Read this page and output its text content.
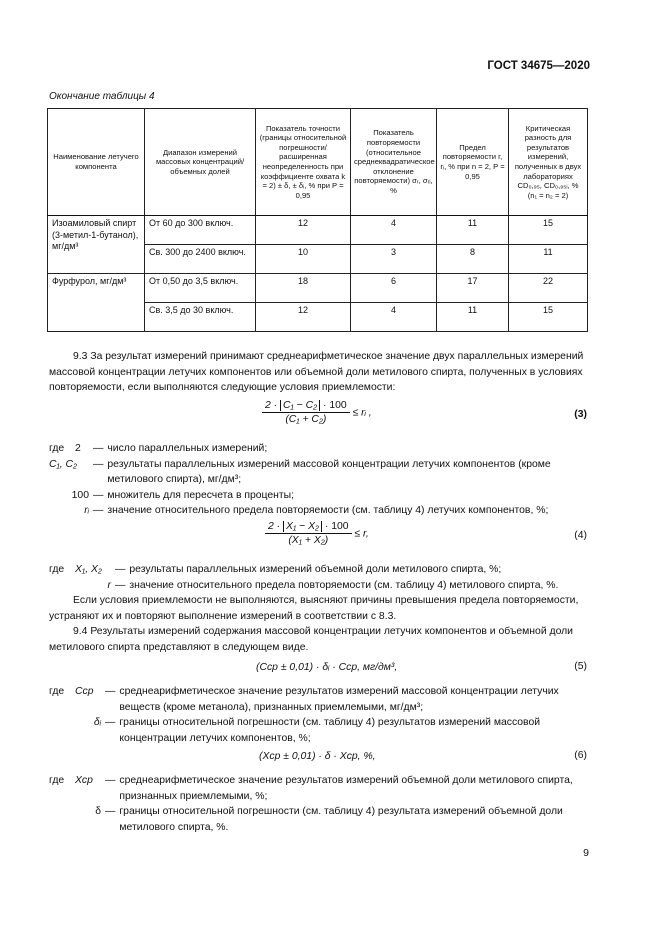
ГОСТ 34675—2020
Окончание таблицы 4
Наименование летучего компонента	Диапазон измерений массовых концентраций/ объемных долей	Показатель точности (границы относительной погрешности/расширенная неопределенность при коэффициенте охвата k = 2) ± δ, ± δᵢ, % при P = 0,95	Показатель повторяемости (относительное среднеквадратическое отклонение повторяемости) σᵣ, σᵣᵢ, %	Предел повторяемости r, rᵢ, % при n = 2, P = 0,95	Критическая разность для результатов измерений, полученных в двух лабораториях CD₀,₉₅, CD₀,₉₅ᵢ, % (n₁ = n₂ = 2)
Изоамиловый спирт (3-метил-1-бутанол), мг/дм³	От 60 до 300 включ.	12	4	11	15
	Св. 300 до 2400 включ.	10	3	8	11
Фурфурол, мг/дм³	От 0,50 до 3,5 включ.	18	6	17	22
	Св. 3,5 до 30 включ.	12	4	11	15
9.3 За результат измерений принимают среднеарифметическое значение двух параллельных измерений массовой концентрации летучих компонентов или объемной доли метилового спирта, полученных в условиях повторяемости, если выполняются следующие условия приемлемости:
$\frac{\text{2 · C₁ − C₂ · 100}}{\text{(C₁ + C₂)}}$ ≤ rᵢ ,	(3)
где	2	— число параллельных измерений;
C₁, C₂	— результаты параллельных измерений массовой концентрации летучих компонентов (кроме метилового спирта), мг/дм³;
100 — множитель для пересчета в проценты;
rᵢ — значение относительного предела повторяемости (см. таблицу 4) летучих компонентов, %;
$\frac{\text{2 · X₁ − X₂ · 100}}{\text{(X₁ + X₂)}} \le r$,	(4)
где	X₁, X₂	— результаты параллельных измерений объемной доли метилового спирта, %;
r — значение относительного предела повторяемости (см. таблицу 4) метилового спирта, %.
Если условия приемлемости не выполняются, выясняют причины превышения предела повторяемости, устраняют их и повторяют выполнение измерений в соответствии с 8.3.
9.4 Результаты измерений содержания массовой концентрации летучих компонентов и объемной доли метилового спирта представляют в следующем виде.
(Cср ± 0,01) · δᵢ · Cср, мг/дм³,	(5)
где	Cср	— среднеарифметическое значение результатов измерений массовой концентрации летучих веществ (кроме метанола), признанных приемлемыми, мг/дм³;
δᵢ — границы относительной погрешности (см. таблицу 4) результатов измерений массовой концентрации летучих компонентов, %;
(Xср ± 0,01) · δ · Xср, %,	(6)
где	Xср	— среднеарифметическое значение результатов измерений объемной доли метилового спирта, признанных приемлемыми, %;
δ — границы относительной погрешности (см. таблицу 4) результата измерений объемной доли метилового спирта, %.
9
